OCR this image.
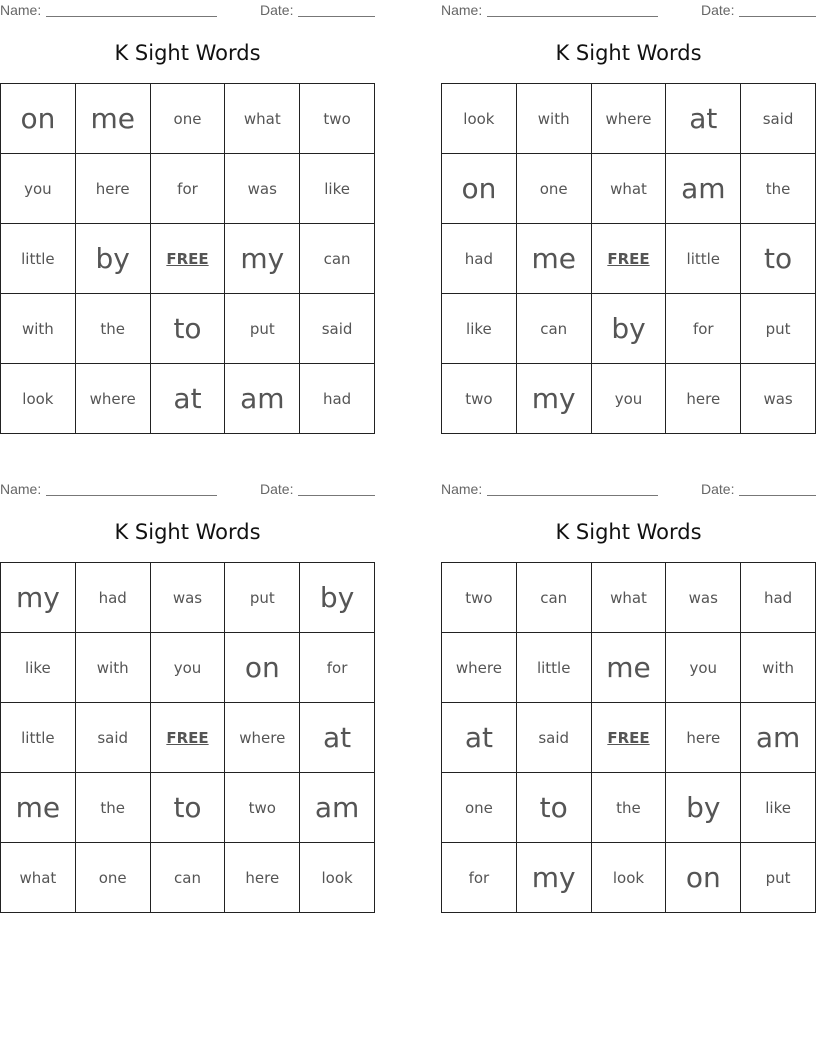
Name:	Date:
K Sight Words
on	me	one	what	two
you	here	for	was	like
little	by	FREE	my	can
with	the	to	put	said
look	where	at	am	had
Name:	Date:
K Sight Words
look	with	where	at	said
on	one	what	am	the
had	me	FREE	little	to
like	can	by	for	put
two	my	you	here	was
Name:	Date:
K Sight Words
my	had	was	put	by
like	with	you	on	for
little	said	FREE	where	at
me	the	to	two	am
what	one	can	here	look
Name:	Date:
K Sight Words
two	can	what	was	had
where	little	me	you	with
at	said	FREE	here	am
one	to	the	by	like
for	my	look	on	put
